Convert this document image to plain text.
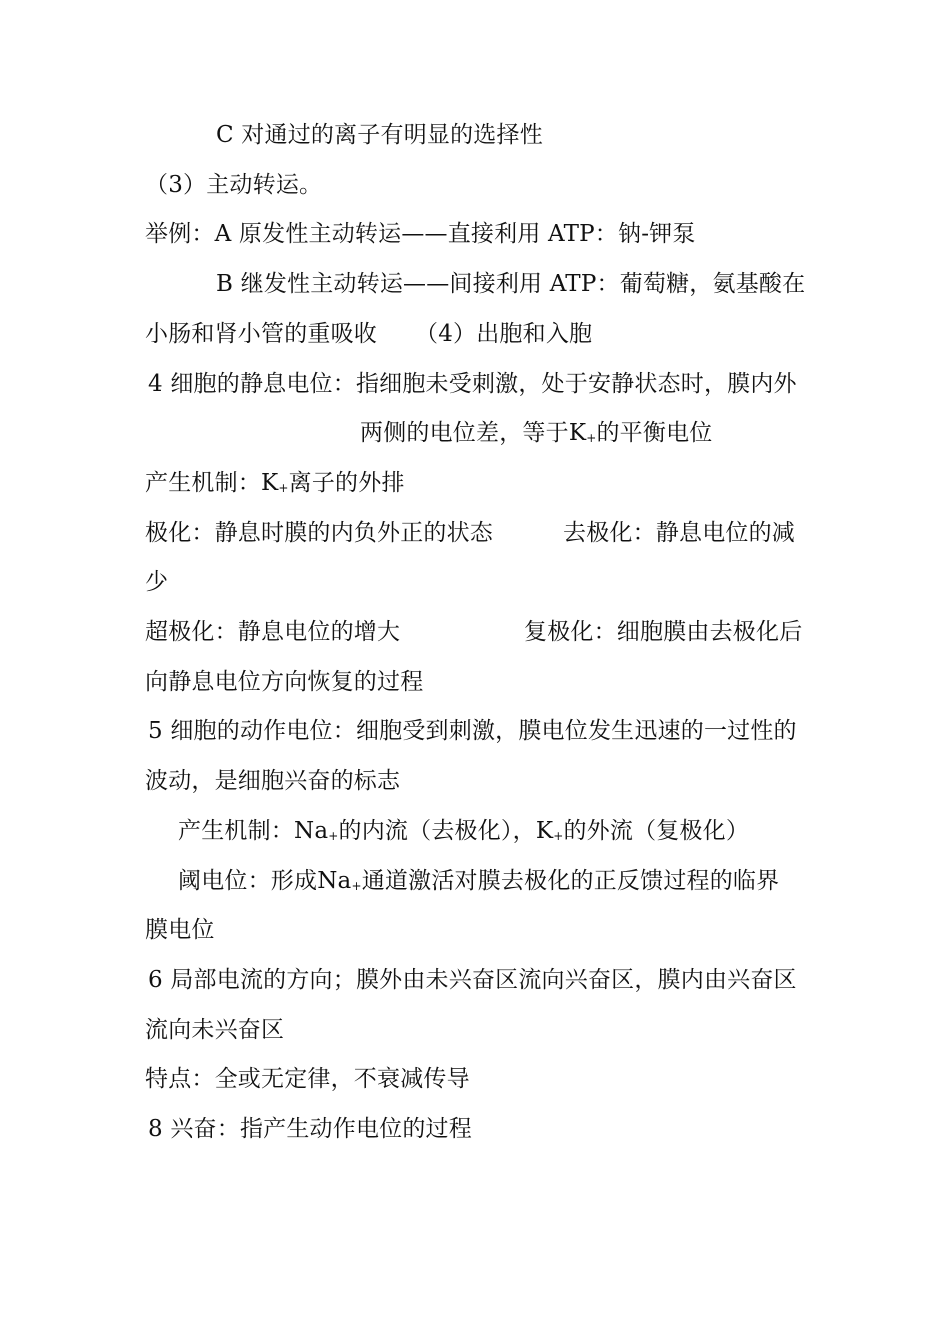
C 对通过的离子有明显的选择性
（3）主动转运。
举例：A 原发性主动转运——直接利用 ATP：钠-钾泵
B 继发性主动转运——间接利用 ATP：葡萄糖，氨基酸在
小肠和肾小管的重吸收 （4）出胞和入胞
4 细胞的静息电位：指细胞未受刺激，处于安静状态时，膜内外
两侧的电位差，等于K+的平衡电位
产生机制：K+离子的外排
极化：静息时膜的内负外正的状态	去极化：静息电位的减
少
超极化：静息电位的增大	复极化：细胞膜由去极化后
向静息电位方向恢复的过程
5 细胞的动作电位：细胞受到刺激，膜电位发生迅速的一过性的
波动，是细胞兴奋的标志
产生机制：Na+的内流（去极化），K+的外流（复极化）
阈电位：形成Na+通道激活对膜去极化的正反馈过程的临界
膜电位
6 局部电流的方向；膜外由未兴奋区流向兴奋区，膜内由兴奋区
流向未兴奋区
特点：全或无定律，不衰减传导
8 兴奋：指产生动作电位的过程
